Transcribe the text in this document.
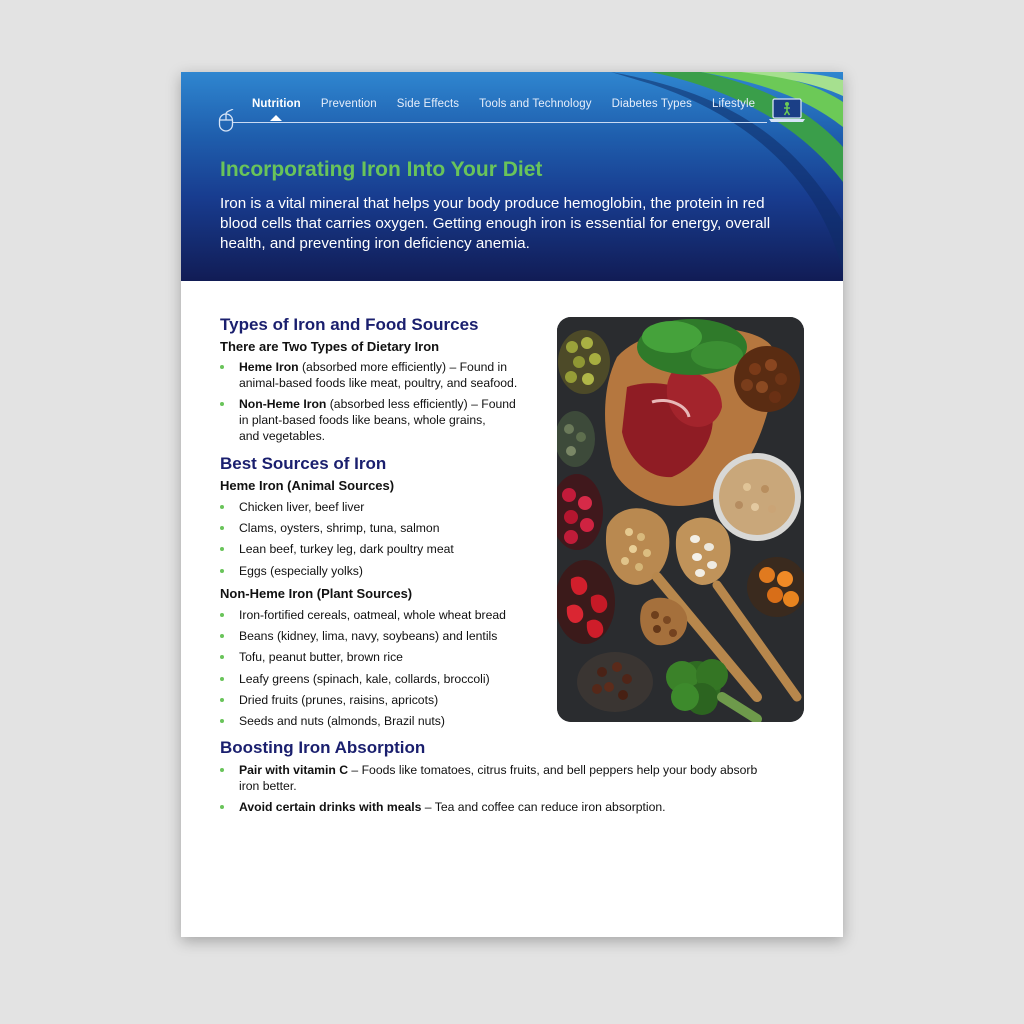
Nutrition Prevention Side Effects Tools and Technology Diabetes Types Lifestyle
Incorporating Iron Into Your Diet

Iron is a vital mineral that helps your body produce hemoglobin, the protein in red blood cells that carries oxygen. Getting enough iron is essential for energy, overall health, and preventing iron deficiency anemia.

Types of Iron and Food Sources
There are Two Types of Dietary Iron
Heme Iron (absorbed more efficiently) – Found in
animal-based foods like meat, poultry, and seafood.
Non-Heme Iron (absorbed less efficiently) – Found
in plant-based foods like beans, whole grains,
and vegetables.
Best Sources of Iron
Heme Iron (Animal Sources)
Chicken liver, beef liver
Clams, oysters, shrimp, tuna, salmon
Lean beef, turkey leg, dark poultry meat
Eggs (especially yolks)
Non-Heme Iron (Plant Sources)
Iron-fortified cereals, oatmeal, whole wheat bread
Beans (kidney, lima, navy, soybeans) and lentils
Tofu, peanut butter, brown rice
Leafy greens (spinach, kale, collards, broccoli)
Dried fruits (prunes, raisins, apricots)
Seeds and nuts (almonds, Brazil nuts)
Boosting Iron Absorption
Pair with vitamin C – Foods like tomatoes, citrus fruits, and bell peppers help your body absorb
iron better.
Avoid certain drinks with meals – Tea and coffee can reduce iron absorption.
